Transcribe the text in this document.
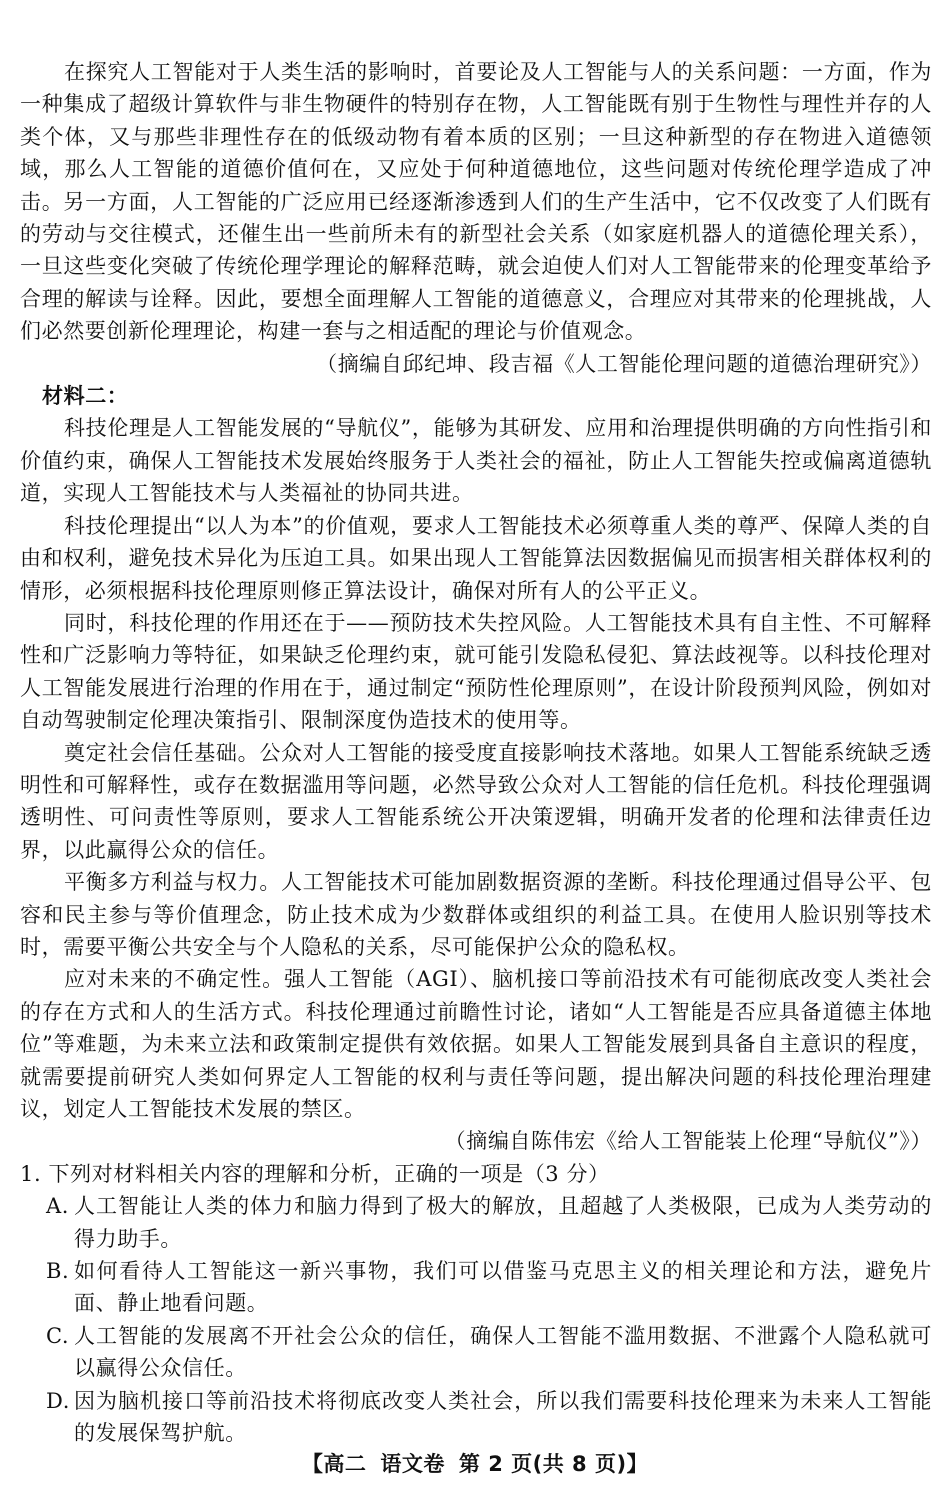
在探究人工智能对于人类生活的影响时，首要论及人工智能与人的关系问题：一方面，作为一种集成了超级计算软件与非生物硬件的特别存在物，人工智能既有别于生物性与理性并存的人类个体，又与那些非理性存在的低级动物有着本质的区别；一旦这种新型的存在物进入道德领域，那么人工智能的道德价值何在，又应处于何种道德地位，这些问题对传统伦理学造成了冲击。另一方面，人工智能的广泛应用已经逐渐渗透到人们的生产生活中，它不仅改变了人们既有的劳动与交往模式，还催生出一些前所未有的新型社会关系（如家庭机器人的道德伦理关系），一旦这些变化突破了传统伦理学理论的解释范畴，就会迫使人们对人工智能带来的伦理变革给予合理的解读与诠释。因此，要想全面理解人工智能的道德意义，合理应对其带来的伦理挑战，人们必然要创新伦理理论，构建一套与之相适配的理论与价值观念。

（摘编自邱纪坤、段吉福《人工智能伦理问题的道德治理研究》）

材料二：

科技伦理是人工智能发展的“导航仪”，能够为其研发、应用和治理提供明确的方向性指引和价值约束，确保人工智能技术发展始终服务于人类社会的福祉，防止人工智能失控或偏离道德轨道，实现人工智能技术与人类福祉的协同共进。

科技伦理提出“以人为本”的价值观，要求人工智能技术必须尊重人类的尊严、保障人类的自由和权利，避免技术异化为压迫工具。如果出现人工智能算法因数据偏见而损害相关群体权利的情形，必须根据科技伦理原则修正算法设计，确保对所有人的公平正义。

同时，科技伦理的作用还在于——预防技术失控风险。人工智能技术具有自主性、不可解释性和广泛影响力等特征，如果缺乏伦理约束，就可能引发隐私侵犯、算法歧视等。以科技伦理对人工智能发展进行治理的作用在于，通过制定“预防性伦理原则”，在设计阶段预判风险，例如对自动驾驶制定伦理决策指引、限制深度伪造技术的使用等。

奠定社会信任基础。公众对人工智能的接受度直接影响技术落地。如果人工智能系统缺乏透明性和可解释性，或存在数据滥用等问题，必然导致公众对人工智能的信任危机。科技伦理强调透明性、可问责性等原则，要求人工智能系统公开决策逻辑，明确开发者的伦理和法律责任边界，以此赢得公众的信任。

平衡多方利益与权力。人工智能技术可能加剧数据资源的垄断。科技伦理通过倡导公平、包容和民主参与等价值理念，防止技术成为少数群体或组织的利益工具。在使用人脸识别等技术时，需要平衡公共安全与个人隐私的关系，尽可能保护公众的隐私权。

应对未来的不确定性。强人工智能（AGI）、脑机接口等前沿技术有可能彻底改变人类社会的存在方式和人的生活方式。科技伦理通过前瞻性讨论，诸如“人工智能是否应具备道德主体地位”等难题，为未来立法和政策制定提供有效依据。如果人工智能发展到具备自主意识的程度，就需要提前研究人类如何界定人工智能的权利与责任等问题，提出解决问题的科技伦理治理建议，划定人工智能技术发展的禁区。

（摘编自陈伟宏《给人工智能装上伦理“导航仪”》）

1. 下列对材料相关内容的理解和分析，正确的一项是（3 分）

A. 人工智能让人类的体力和脑力得到了极大的解放，且超越了人类极限，已成为人类劳动的得力助手。

B. 如何看待人工智能这一新兴事物，我们可以借鉴马克思主义的相关理论和方法，避免片面、静止地看问题。

C. 人工智能的发展离不开社会公众的信任，确保人工智能不滥用数据、不泄露个人隐私就可以赢得公众信任。

D. 因为脑机接口等前沿技术将彻底改变人类社会，所以我们需要科技伦理来为未来人工智能的发展保驾护航。

【高二 语文卷 第 2 页(共 8 页)】
